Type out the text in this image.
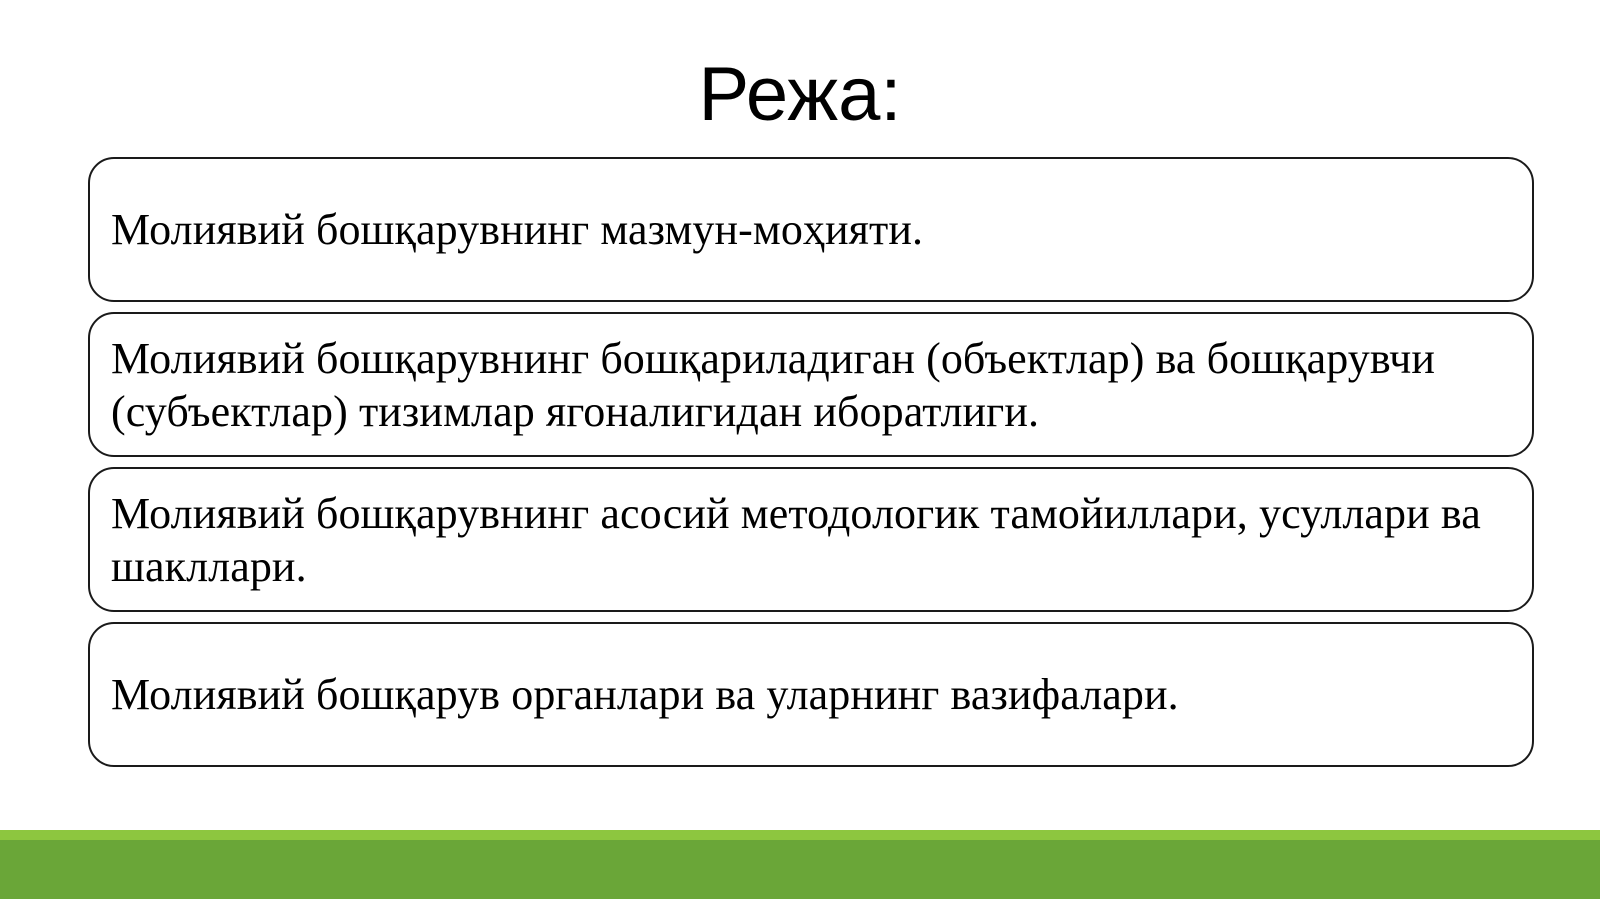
Режа:
Молиявий бошқарувнинг мазмун-моҳияти.
Молиявий бошқарувнинг бошқариладиган (объектлар) ва бошқарувчи (субъектлар) тизимлар ягоналигидан иборатлиги.
Молиявий бошқарувнинг асосий методологик тамойиллари, усуллари ва шакллари.
Молиявий бошқарув органлари ва уларнинг вазифалари.
